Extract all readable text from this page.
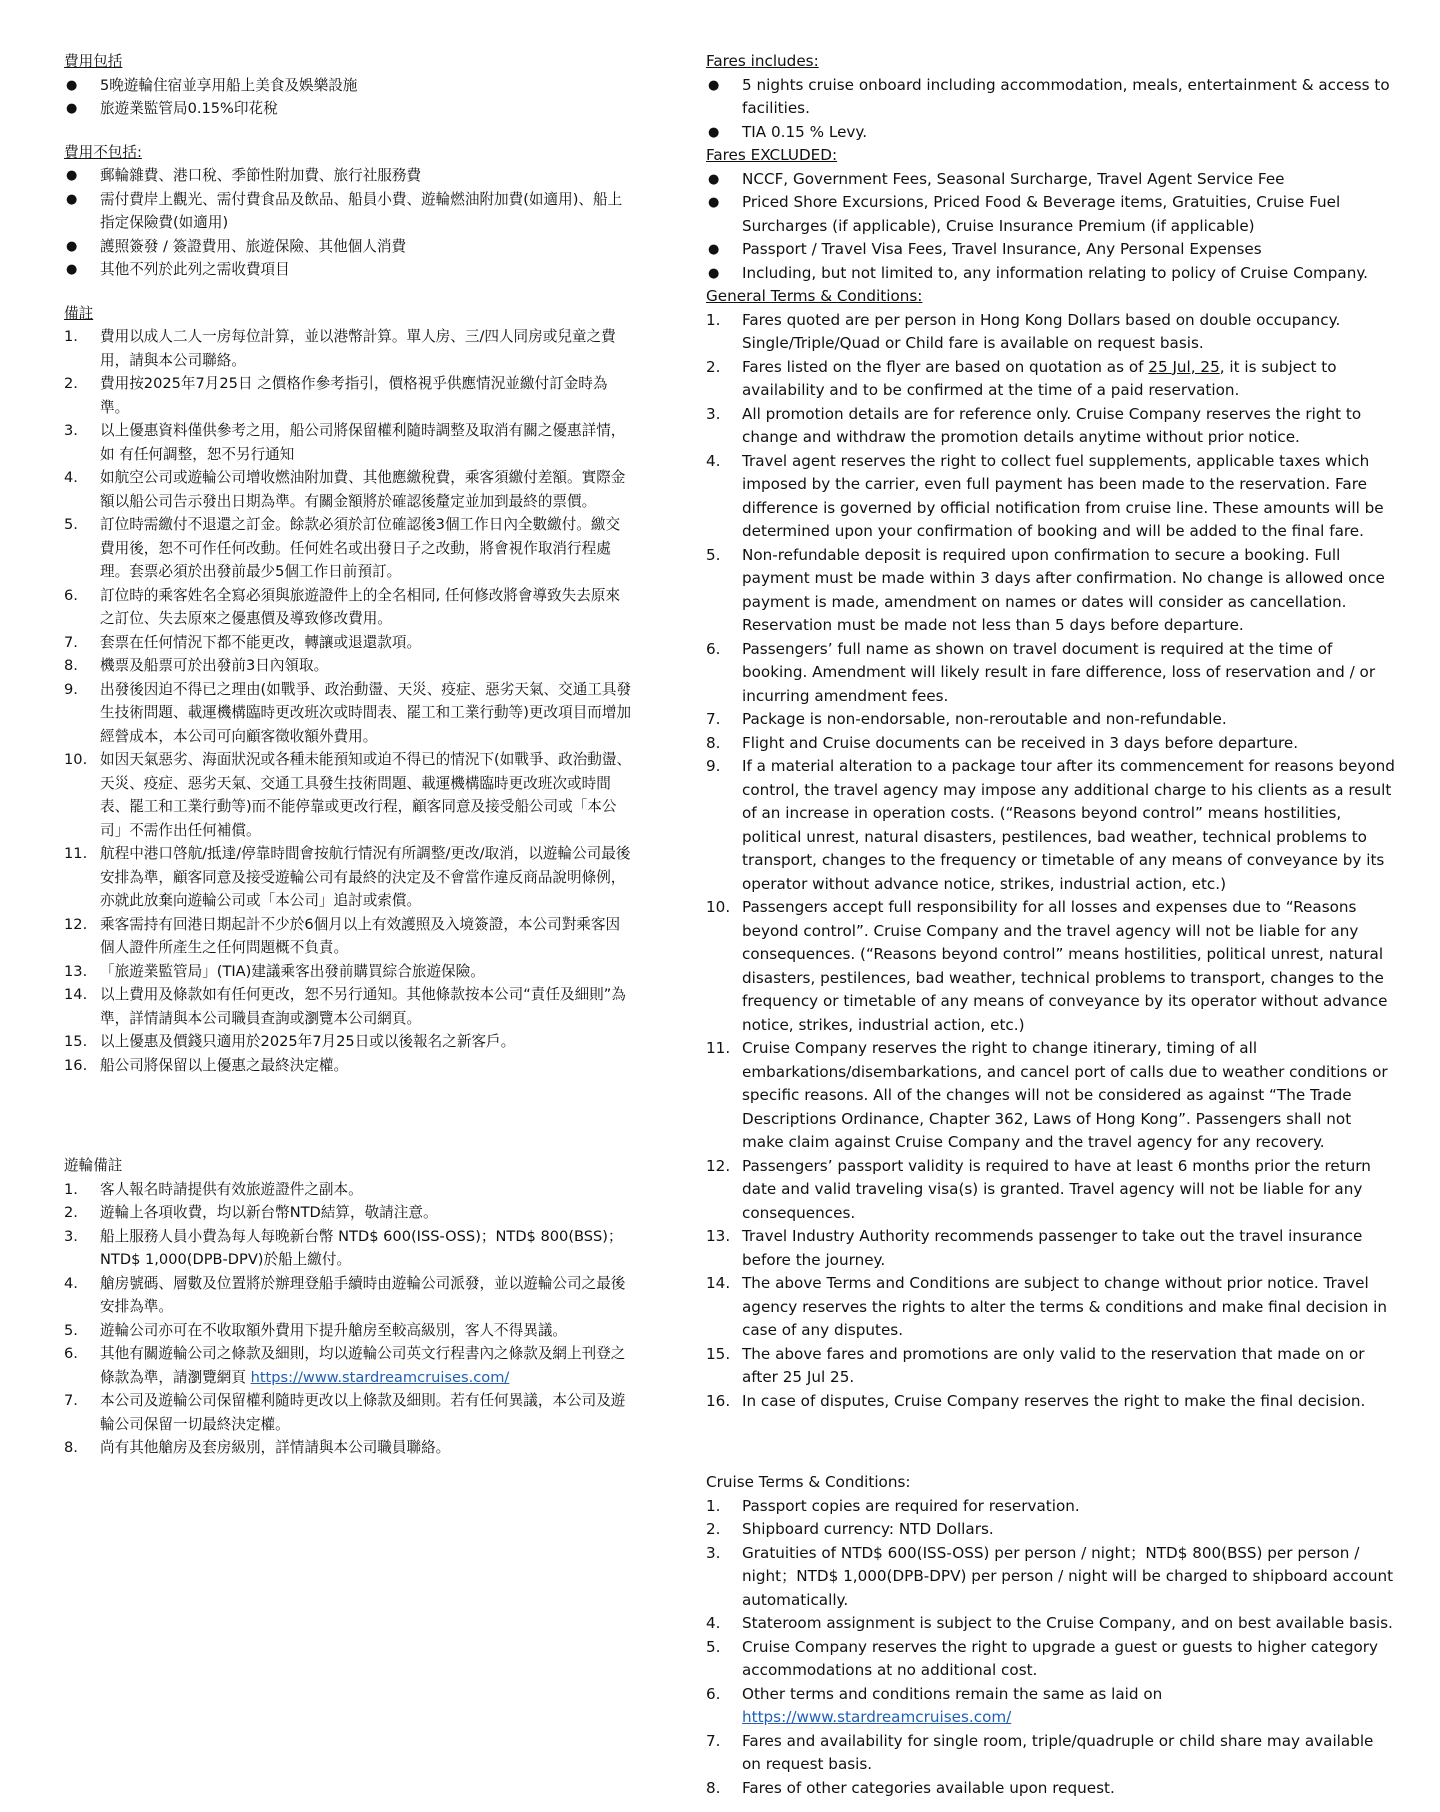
費用包括
● 5晚遊輪住宿並享用船上美食及娛樂設施
● 旅遊業監管局0.15%印花稅
費用不包括:
● 郵輪雜費、港口稅、季節性附加費、旅行社服務費
● 需付費岸上觀光、需付費食品及飲品、船員小費、遊輪燃油附加費(如適用)、船上指定保險費(如適用)
● 護照簽發 / 簽證費用、旅遊保險、其他個人消費
● 其他不列於此列之需收費項目
備註
1. 費用以成人二人一房每位計算，並以港幣計算。單人房、三/四人同房或兒童之費用，請與本公司聯絡。
2. 費用按2025年7月25日 之價格作參考指引，價格視乎供應情況並繳付訂金時為準。
3. 以上優惠資料僅供參考之用，船公司將保留權利隨時調整及取消有關之優惠詳情，如 有任何調整，恕不另行通知
4. 如航空公司或遊輪公司增收燃油附加費、其他應繳稅費，乘客須繳付差額。實際金額以船公司告示發出日期為準。有關金額將於確認後釐定並加到最終的票價。
5. 訂位時需繳付不退還之訂金。餘款必須於訂位確認後3個工作日內全數繳付。繳交費用後，恕不可作任何改動。任何姓名或出發日子之改動，將會視作取消行程處理。套票必須於出發前最少5個工作日前預訂。
6. 訂位時的乘客姓名全寫必須與旅遊證件上的全名相同, 任何修改將會導致失去原來之訂位、失去原來之優惠價及導致修改費用。
7. 套票在任何情況下都不能更改，轉讓或退還款項。
8. 機票及船票可於出發前3日內領取。
9. 出發後因迫不得已之理由(如戰爭、政治動盪、天災、疫症、惡劣天氣、交通工具發生技術問題、載運機構臨時更改班次或時間表、罷工和工業行動等)更改項目而增加經營成本，本公司可向顧客徵收額外費用。
10. 如因天氣惡劣、海面狀況或各種未能預知或迫不得已的情況下(如戰爭、政治動盪、天災、疫症、惡劣天氣、交通工具發生技術問題、載運機構臨時更改班次或時間表、罷工和工業行動等)而不能停靠或更改行程，顧客同意及接受船公司或「本公司」不需作出任何補償。
11. 航程中港口啓航/抵達/停靠時間會按航行情況有所調整/更改/取消，以遊輪公司最後安排為準，顧客同意及接受遊輪公司有最終的決定及不會當作違反商品說明條例，亦就此放棄向遊輪公司或「本公司」追討或索償。
12. 乘客需持有回港日期起計不少於6個月以上有效護照及入境簽證，本公司對乘客因個人證件所產生之任何問題概不負責。
13. 「旅遊業監管局」(TIA)建議乘客出發前購買綜合旅遊保險。
14. 以上費用及條款如有任何更改，恕不另行通知。其他條款按本公司“責任及細則”為準，詳情請與本公司職員查詢或瀏覽本公司網頁。
15. 以上優惠及價錢只適用於2025年7月25日或以後報名之新客戶。
16. 船公司將保留以上優惠之最終決定權。
遊輪備註
1. 客人報名時請提供有效旅遊證件之副本。
2. 遊輪上各項收費，均以新台幣NTD結算，敬請注意。
3. 船上服務人員小費為每人每晚新台幣 NTD$ 600(ISS-OSS)；NTD$ 800(BSS)；NTD$ 1,000(DPB-DPV)於船上繳付。
4. 艙房號碼、層數及位置將於辦理登船手續時由遊輪公司派發，並以遊輪公司之最後安排為準。
5. 遊輪公司亦可在不收取額外費用下提升艙房至較高級別，客人不得異議。
6. 其他有關遊輪公司之條款及細則，均以遊輪公司英文行程書內之條款及網上刊登之條款為準，請瀏覽網頁 https://www.stardreamcruises.com/
7. 本公司及遊輪公司保留權利隨時更改以上條款及細則。若有任何異議，本公司及遊輪公司保留一切最終決定權。
8. 尚有其他艙房及套房級別，詳情請與本公司職員聯絡。
Fares includes:
● 5 nights cruise onboard including accommodation, meals, entertainment & access to facilities.
● TIA 0.15 % Levy.
Fares EXCLUDED:
● NCCF, Government Fees, Seasonal Surcharge, Travel Agent Service Fee
● Priced Shore Excursions, Priced Food & Beverage items, Gratuities, Cruise Fuel Surcharges (if applicable), Cruise Insurance Premium (if applicable)
● Passport / Travel Visa Fees, Travel Insurance, Any Personal Expenses
● Including, but not limited to, any information relating to policy of Cruise Company.
General Terms & Conditions:
1. Fares quoted are per person in Hong Kong Dollars based on double occupancy. Single/Triple/Quad or Child fare is available on request basis.
2. Fares listed on the flyer are based on quotation as of 25 Jul, 25, it is subject to availability and to be confirmed at the time of a paid reservation.
3. All promotion details are for reference only. Cruise Company reserves the right to change and withdraw the promotion details anytime without prior notice.
4. Travel agent reserves the right to collect fuel supplements, applicable taxes which imposed by the carrier, even full payment has been made to the reservation. Fare difference is governed by official notification from cruise line. These amounts will be determined upon your confirmation of booking and will be added to the final fare.
5. Non-refundable deposit is required upon confirmation to secure a booking. Full payment must be made within 3 days after confirmation. No change is allowed once payment is made, amendment on names or dates will consider as cancellation. Reservation must be made not less than 5 days before departure.
6. Passengers’ full name as shown on travel document is required at the time of booking. Amendment will likely result in fare difference, loss of reservation and / or incurring amendment fees.
7. Package is non-endorsable, non-reroutable and non-refundable.
8. Flight and Cruise documents can be received in 3 days before departure.
9. If a material alteration to a package tour after its commencement for reasons beyond control, the travel agency may impose any additional charge to his clients as a result of an increase in operation costs. (“Reasons beyond control” means hostilities, political unrest, natural disasters, pestilences, bad weather, technical problems to transport, changes to the frequency or timetable of any means of conveyance by its operator without advance notice, strikes, industrial action, etc.)
10. Passengers accept full responsibility for all losses and expenses due to “Reasons beyond control”. Cruise Company and the travel agency will not be liable for any consequences. (“Reasons beyond control” means hostilities, political unrest, natural disasters, pestilences, bad weather, technical problems to transport, changes to the frequency or timetable of any means of conveyance by its operator without advance notice, strikes, industrial action, etc.)
11. Cruise Company reserves the right to change itinerary, timing of all embarkations/disembarkations, and cancel port of calls due to weather conditions or specific reasons. All of the changes will not be considered as against “The Trade Descriptions Ordinance, Chapter 362, Laws of Hong Kong”. Passengers shall not make claim against Cruise Company and the travel agency for any recovery.
12. Passengers’ passport validity is required to have at least 6 months prior the return date and valid traveling visa(s) is granted. Travel agency will not be liable for any consequences.
13. Travel Industry Authority recommends passenger to take out the travel insurance before the journey.
14. The above Terms and Conditions are subject to change without prior notice. Travel agency reserves the rights to alter the terms & conditions and make final decision in case of any disputes.
15. The above fares and promotions are only valid to the reservation that made on or after 25 Jul 25.
16. In case of disputes, Cruise Company reserves the right to make the final decision.
Cruise Terms & Conditions:
1. Passport copies are required for reservation.
2. Shipboard currency: NTD Dollars.
3. Gratuities of NTD$ 600(ISS-OSS) per person / night；NTD$ 800(BSS) per person / night；NTD$ 1,000(DPB-DPV) per person / night will be charged to shipboard account automatically.
4. Stateroom assignment is subject to the Cruise Company, and on best available basis.
5. Cruise Company reserves the right to upgrade a guest or guests to higher category accommodations at no additional cost.
6. Other terms and conditions remain the same as laid on
https://www.stardreamcruises.com/
7. Fares and availability for single room, triple/quadruple or child share may available on request basis.
8. Fares of other categories available upon request.
